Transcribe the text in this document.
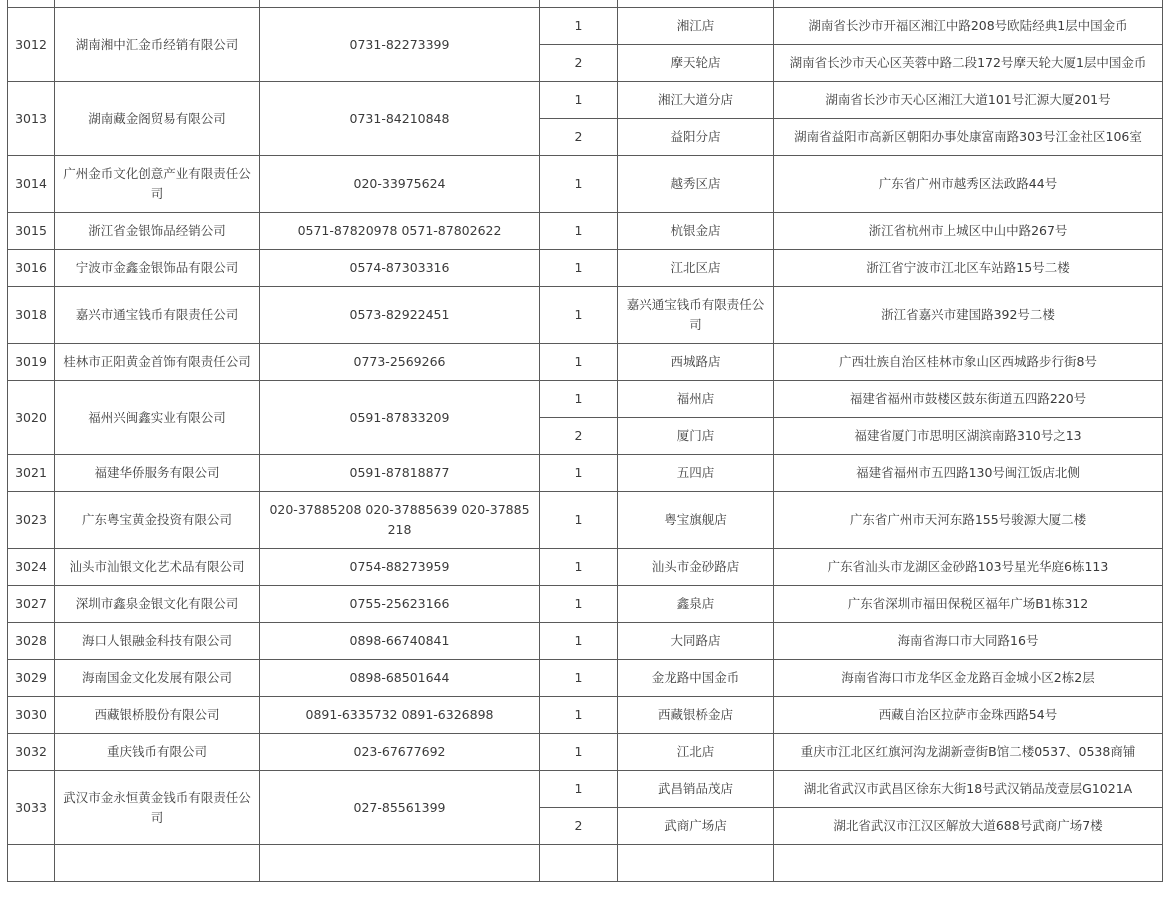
3012	湖南湘中汇金币经销有限公司	0731-82273399	1	湘江店	湖南省长沙市开福区湘江中路208号欧陆经典1层中国金币
			2	摩天轮店	湖南省长沙市天心区芙蓉中路二段172号摩天轮大厦1层中国金币
3013	湖南藏金阁贸易有限公司	0731-84210848	1	湘江大道分店	湖南省长沙市天心区湘江大道101号汇源大厦201号
			2	益阳分店	湖南省益阳市高新区朝阳办事处康富南路303号江金社区106室
3014	广州金币文化创意产业有限责任公司	020-33975624	1	越秀区店	广东省广州市越秀区法政路44号
3015	浙江省金银饰品经销公司	0571-87820978 0571-87802622	1	杭银金店	浙江省杭州市上城区中山中路267号
3016	宁波市金鑫金银饰品有限公司	0574-87303316	1	江北区店	浙江省宁波市江北区车站路15号二楼
3018	嘉兴市通宝钱币有限责任公司	0573-82922451	1	嘉兴通宝钱币有限责任公司	浙江省嘉兴市建国路392号二楼
3019	桂林市正阳黄金首饰有限责任公司	0773-2569266	1	西城路店	广西壮族自治区桂林市象山区西城路步行街8号
3020	福州兴闽鑫实业有限公司	0591-87833209	1	福州店	福建省福州市鼓楼区鼓东街道五四路220号
			2	厦门店	福建省厦门市思明区湖滨南路310号之13
3021	福建华侨服务有限公司	0591-87818877	1	五四店	福建省福州市五四路130号闽江饭店北侧
3023	广东粤宝黄金投资有限公司	020-37885208 020-37885639 020-37885218	1	粤宝旗舰店	广东省广州市天河东路155号骏源大厦二楼
3024	汕头市汕银文化艺术品有限公司	0754-88273959	1	汕头市金砂路店	广东省汕头市龙湖区金砂路103号星光华庭6栋113
3027	深圳市鑫泉金银文化有限公司	0755-25623166	1	鑫泉店	广东省深圳市福田保税区福年广场B1栋312
3028	海口人银融金科技有限公司	0898-66740841	1	大同路店	海南省海口市大同路16号
3029	海南国金文化发展有限公司	0898-68501644	1	金龙路中国金币	海南省海口市龙华区金龙路百金城小区2栋2层
3030	西藏银桥股份有限公司	0891-6335732 0891-6326898	1	西藏银桥金店	西藏自治区拉萨市金珠西路54号
3032	重庆钱币有限公司	023-67677692	1	江北店	重庆市江北区红旗河沟龙湖新壹街B馆二楼0537、0538商铺
3033	武汉市金永恒黄金钱币有限责任公司	027-85561399	1	武昌销品茂店	湖北省武汉市武昌区徐东大街18号武汉销品茂壹层G1021A
			2	武商广场店	湖北省武汉市江汉区解放大道688号武商广场7楼
